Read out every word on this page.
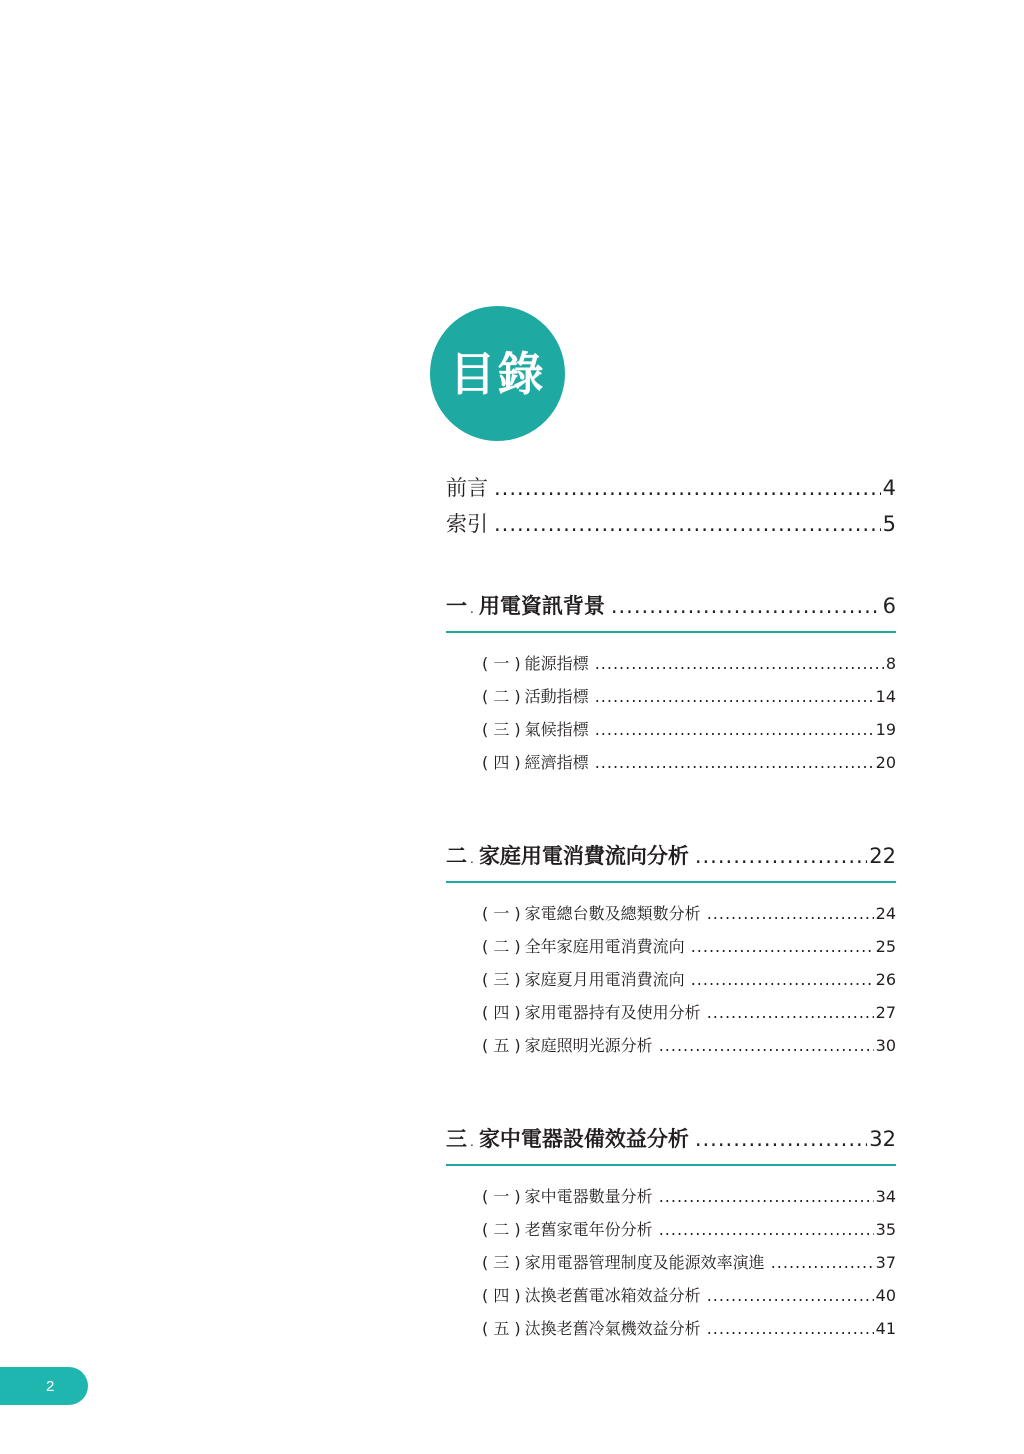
目錄
前言 .....	4
索引 .....	5
一 . 用電資訊背景 .....	6
( 一 ) 能源指標 .....	8
( 二 ) 活動指標 .....	14
( 三 ) 氣候指標 .....	19
( 四 ) 經濟指標 .....	20
二 . 家庭用電消費流向分析 .....	22
( 一 ) 家電總台數及總類數分析 .....	24
( 二 ) 全年家庭用電消費流向 .....	25
( 三 ) 家庭夏月用電消費流向 .....	26
( 四 ) 家用電器持有及使用分析 .....	27
( 五 ) 家庭照明光源分析 .....	30
三 . 家中電器設備效益分析 .....	32
( 一 ) 家中電器數量分析 .....	34
( 二 ) 老舊家電年份分析 .....	35
( 三 ) 家用電器管理制度及能源效率演進 .....	37
( 四 ) 汰換老舊電冰箱效益分析 .....	40
( 五 ) 汰換老舊冷氣機效益分析 .....	41
2
